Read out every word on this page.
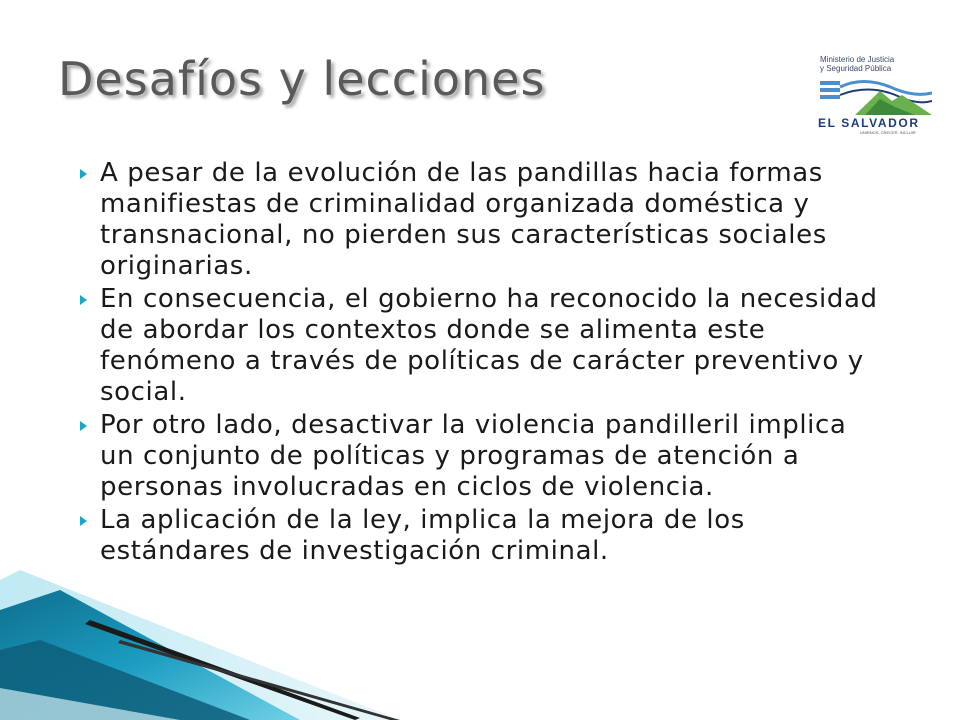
Desafíos y lecciones	Ministerio de Justicia
y Seguridad Pública
EL SALVADOR
UNIRNOS, CRECER, INCLUIR
A pesar de la evolución de las pandillas hacia formas manifiestas de criminalidad organizada doméstica y transnacional, no pierden sus características sociales originarias.
En consecuencia, el gobierno ha reconocido la necesidad de abordar los contextos donde se alimenta este fenómeno a través de políticas de carácter preventivo y social.
Por otro lado, desactivar la violencia pandilleril implica un conjunto de políticas y programas de atención a personas involucradas en ciclos de violencia.
La aplicación de la ley, implica la mejora de los estándares de investigación criminal.
